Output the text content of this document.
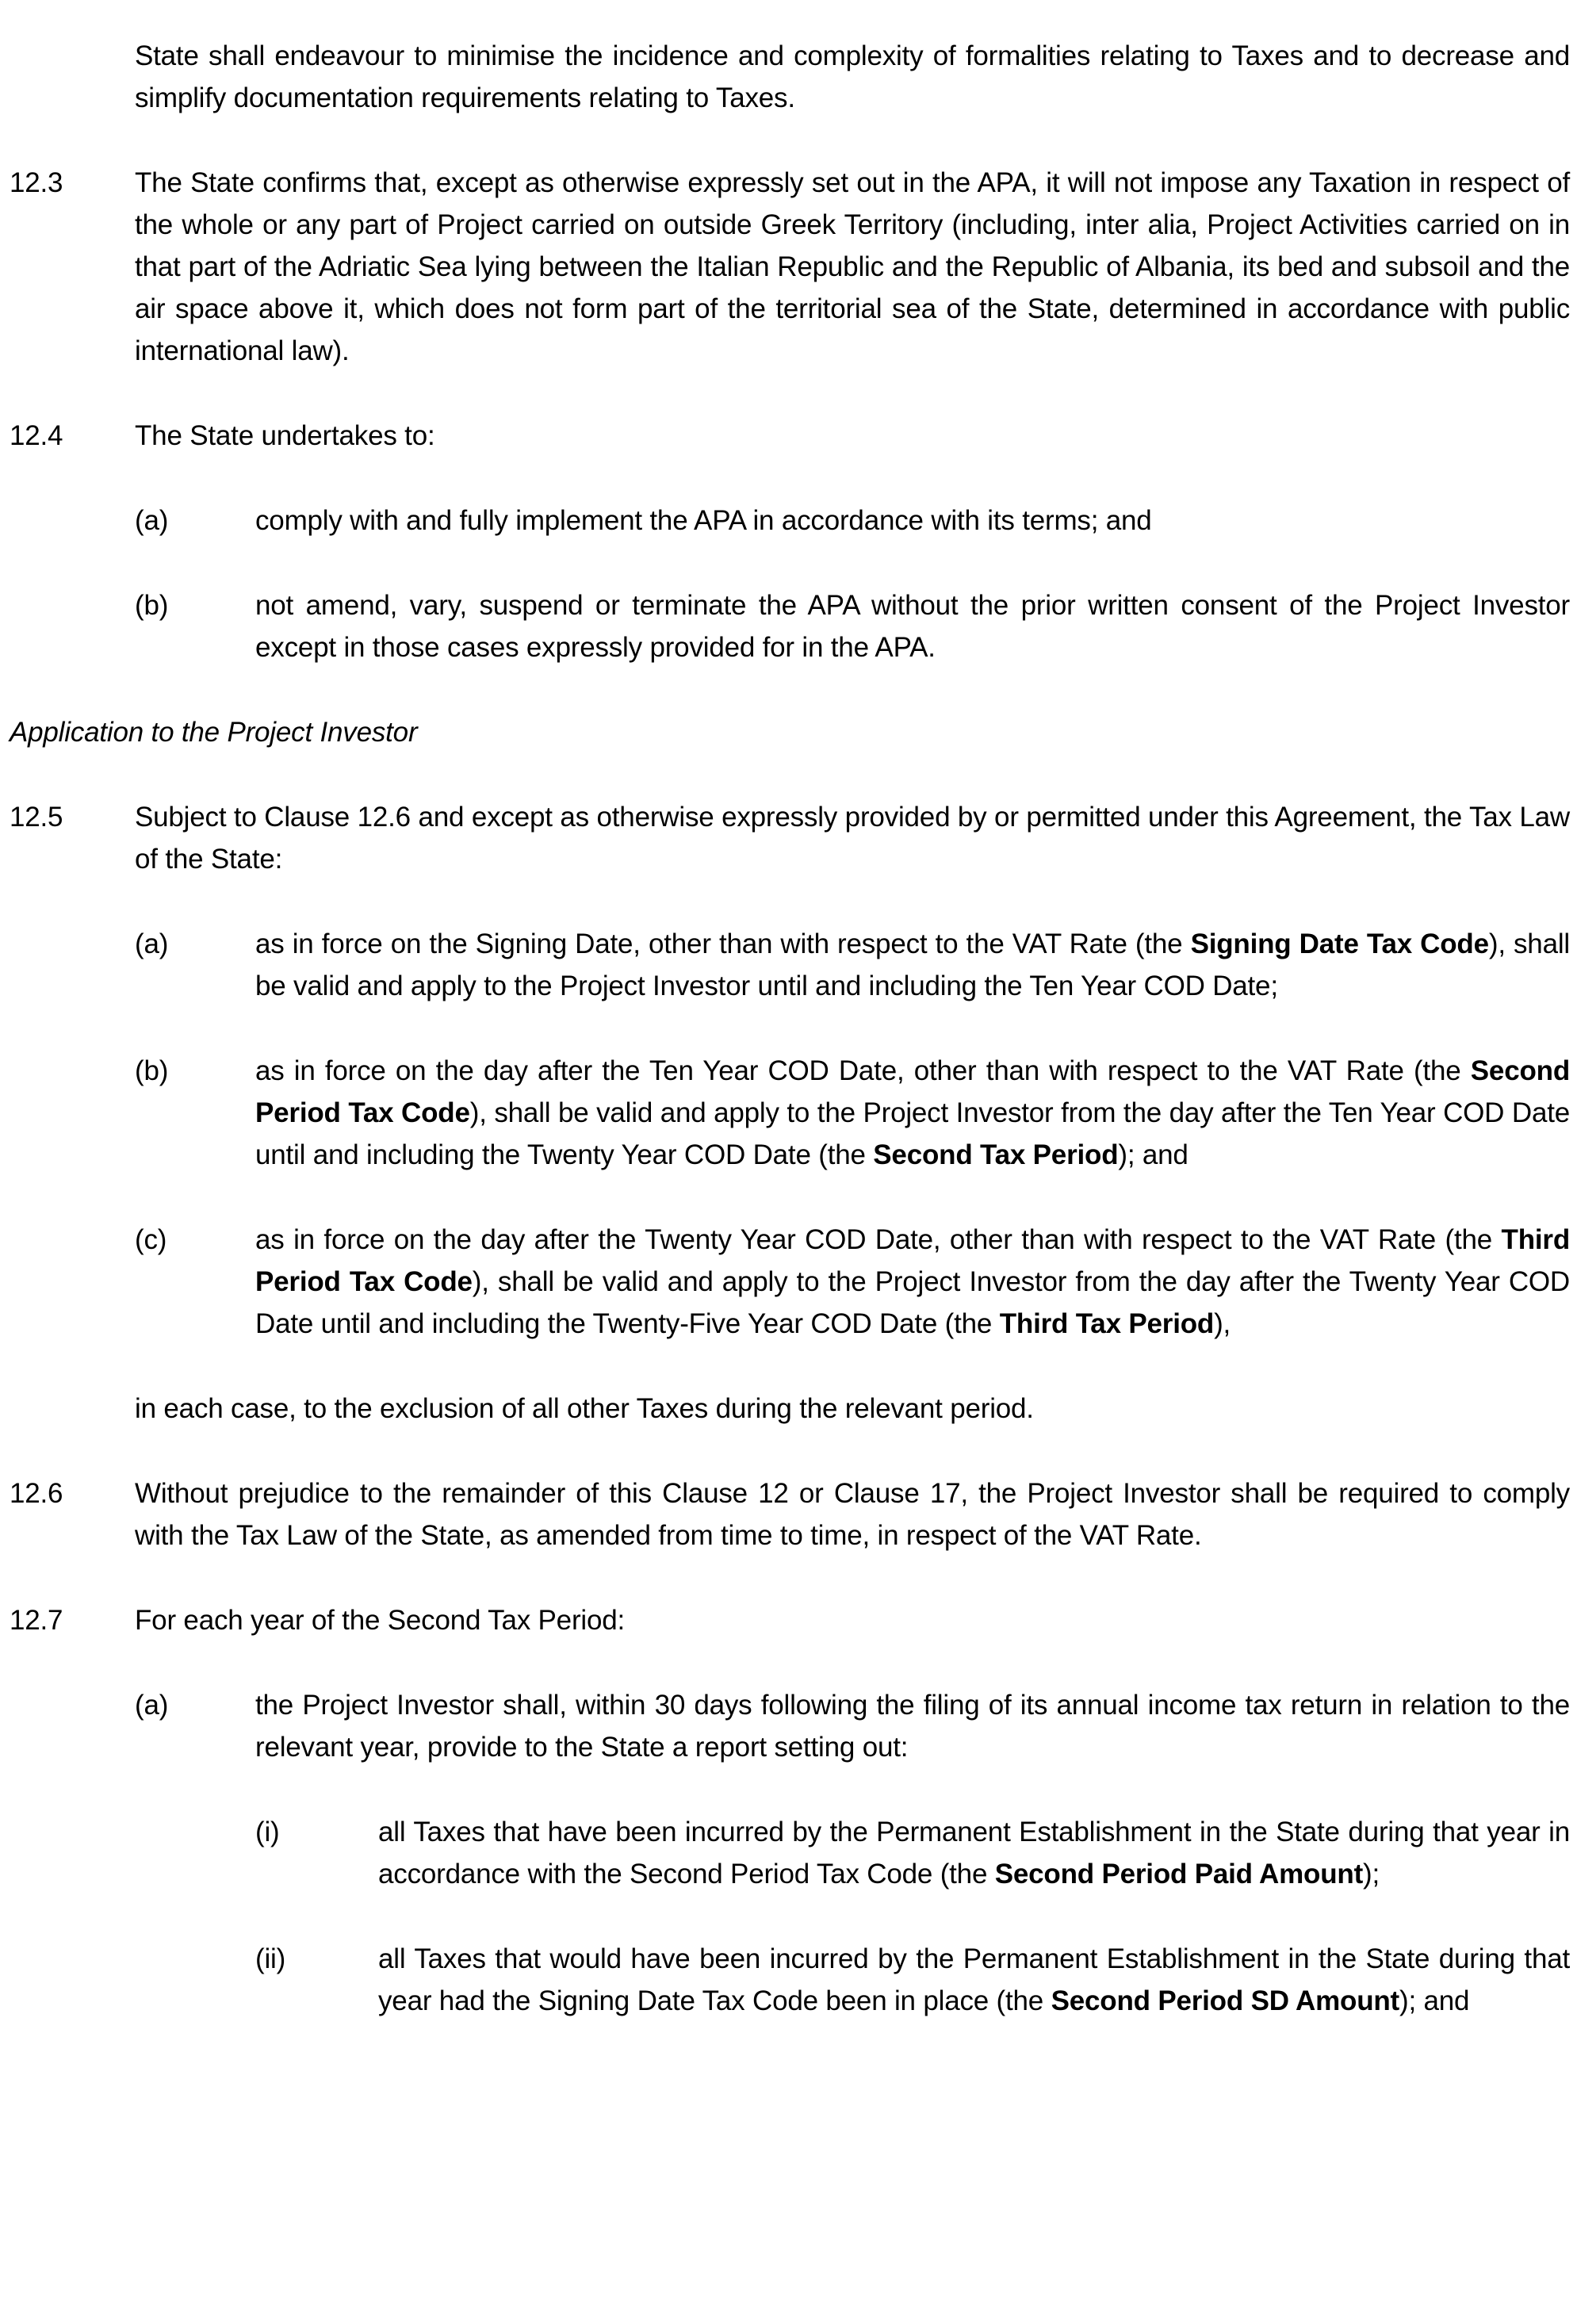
State shall endeavour to minimise the incidence and complexity of formalities relating to Taxes and to decrease and simplify documentation requirements relating to Taxes.
12.3	The State confirms that, except as otherwise expressly set out in the APA, it will not impose any Taxation in respect of the whole or any part of Project carried on outside Greek Territory (including, inter alia, Project Activities carried on in that part of the Adriatic Sea lying between the Italian Republic and the Republic of Albania, its bed and subsoil and the air space above it, which does not form part of the territorial sea of the State, determined in accordance with public international law).
12.4	The State undertakes to:
(a)	comply with and fully implement the APA in accordance with its terms; and
(b)	not amend, vary, suspend or terminate the APA without the prior written consent of the Project Investor except in those cases expressly provided for in the APA.
Application to the Project Investor
12.5	Subject to Clause 12.6 and except as otherwise expressly provided by or permitted under this Agreement, the Tax Law of the State:
(a)	as in force on the Signing Date, other than with respect to the VAT Rate (the Signing Date Tax Code), shall be valid and apply to the Project Investor until and including the Ten Year COD Date;
(b)	as in force on the day after the Ten Year COD Date, other than with respect to the VAT Rate (the Second Period Tax Code), shall be valid and apply to the Project Investor from the day after the Ten Year COD Date until and including the Twenty Year COD Date (the Second Tax Period); and
(c)	as in force on the day after the Twenty Year COD Date, other than with respect to the VAT Rate (the Third Period Tax Code), shall be valid and apply to the Project Investor from the day after the Twenty Year COD Date until and including the Twenty-Five Year COD Date (the Third Tax Period),
in each case, to the exclusion of all other Taxes during the relevant period.
12.6	Without prejudice to the remainder of this Clause 12 or Clause 17, the Project Investor shall be required to comply with the Tax Law of the State, as amended from time to time, in respect of the VAT Rate.
12.7	For each year of the Second Tax Period:
(a)	the Project Investor shall, within 30 days following the filing of its annual income tax return in relation to the relevant year, provide to the State a report setting out:
(i)	all Taxes that have been incurred by the Permanent Establishment in the State during that year in accordance with the Second Period Tax Code (the Second Period Paid Amount);
(ii)	all Taxes that would have been incurred by the Permanent Establishment in the State during that year had the Signing Date Tax Code been in place (the Second Period SD Amount); and
